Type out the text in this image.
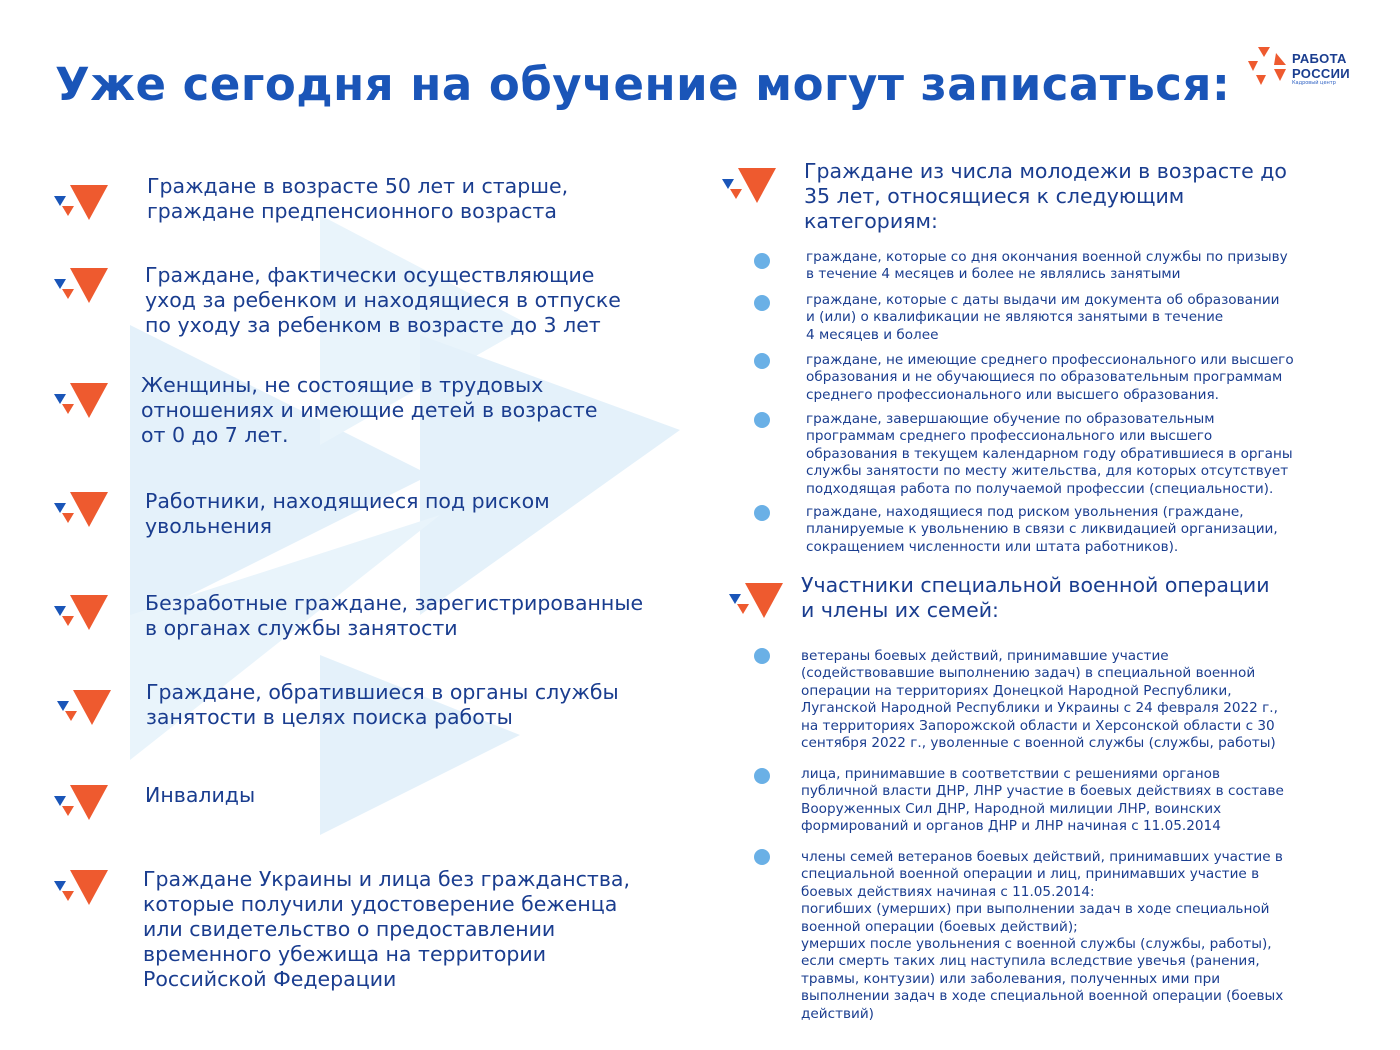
Уже сегодня на обучение могут записаться:	РАБОТА
РОССИИ
Кадровый центр

Граждане в возрасте 50 лет и старше,
граждане предпенсионного возраста

Граждане, фактически осуществляющие
уход за ребенком и находящиеся в отпуске
по уходу за ребенком в возрасте до 3 лет

Женщины, не состоящие в трудовых
отношениях и имеющие детей в возрасте
от 0 до 7 лет.

Работники, находящиеся под риском
увольнения

Безработные граждане, зарегистрированные
в органах службы занятости

Граждане, обратившиеся в органы службы
занятости в целях поиска работы

Инвалиды

Граждане Украины и лица без гражданства,
которые получили удостоверение беженца
или свидетельство о предоставлении
временного убежища на территории
Российской Федерации

Граждане из числа молодежи в возрасте до
35 лет, относящиеся к следующим
категориям:

граждане, которые со дня окончания военной службы по призыву
в течение 4 месяцев и более не являлись занятыми

граждане, которые с даты выдачи им документа об образовании
и (или) о квалификации не являются занятыми в течение
4 месяцев и более

граждане, не имеющие среднего профессионального или высшего
образования и не обучающиеся по образовательным программам
среднего профессионального или высшего образования.

граждане, завершающие обучение по образовательным
программам среднего профессионального или высшего
образования в текущем календарном году обратившиеся в органы
службы занятости по месту жительства, для которых отсутствует
подходящая работа по получаемой профессии (специальности).

граждане, находящиеся под риском увольнения (граждане,
планируемые к увольнению в связи с ликвидацией организации,
сокращением численности или штата работников).

Участники специальной военной операции
и члены их семей:

ветераны боевых действий, принимавшие участие
(содействовавшие выполнению задач) в специальной военной
операции на территориях Донецкой Народной Республики,
Луганской Народной Республики и Украины с 24 февраля 2022 г.,
на территориях Запорожской области и Херсонской области с 30
сентября 2022 г., уволенные с военной службы (службы, работы)

лица, принимавшие в соответствии с решениями органов
публичной власти ДНР, ЛНР участие в боевых действиях в составе
Вооруженных Сил ДНР, Народной милиции ЛНР, воинских
формирований и органов ДНР и ЛНР начиная с 11.05.2014

члены семей ветеранов боевых действий, принимавших участие в
специальной военной операции и лиц, принимавших участие в
боевых действиях начиная с 11.05.2014:
погибших (умерших) при выполнении задач в ходе специальной
военной операции (боевых действий);
умерших после увольнения с военной службы (службы, работы),
если смерть таких лиц наступила вследствие увечья (ранения,
травмы, контузии) или заболевания, полученных ими при
выполнении задач в ходе специальной военной операции (боевых
действий)
